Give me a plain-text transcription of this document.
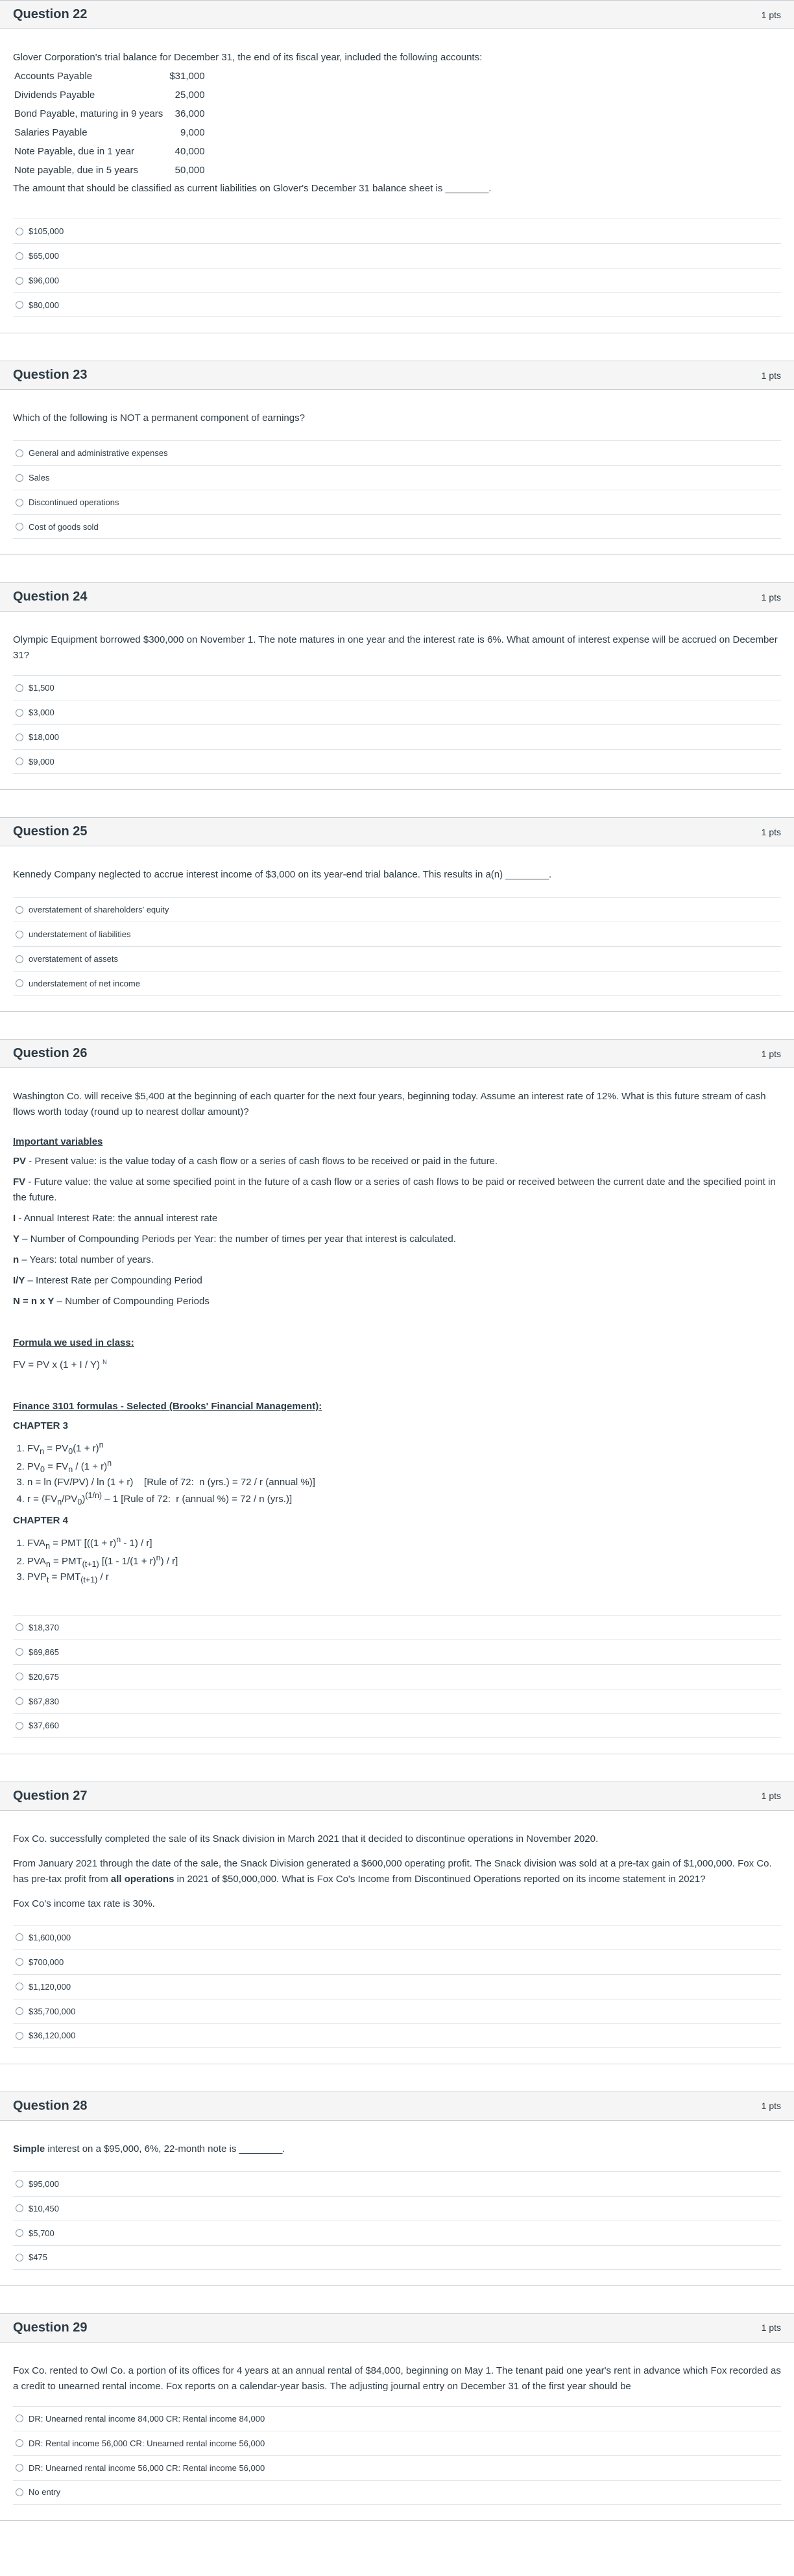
Question 22	1 pts
Glover Corporation's trial balance for December 31, the end of its fiscal year, included the following accounts:
Accounts Payable	$31,000
Dividends Payable	25,000
Bond Payable, maturing in 9 years	36,000
Salaries Payable	9,000
Note Payable, due in 1 year	40,000
Note payable, due in 5 years	50,000
The amount that should be classified as current liabilities on Glover's December 31 balance sheet is ________.
$105,000
$65,000
$96,000
$80,000
Question 23	1 pts
Which of the following is NOT a permanent component of earnings?
General and administrative expenses
Sales
Discontinued operations
Cost of goods sold
Question 24	1 pts
Olympic Equipment borrowed $300,000 on November 1. The note matures in one year and the interest rate is 6%. What amount of interest expense will be accrued on December 31?
$1,500
$3,000
$18,000
$9,000
Question 25	1 pts
Kennedy Company neglected to accrue interest income of $3,000 on its year-end trial balance. This results in a(n) ________.
overstatement of shareholders' equity
understatement of liabilities
overstatement of assets
understatement of net income
Question 26	1 pts

Washington Co. will receive $5,400 at the beginning of each quarter for the next four years, beginning today. Assume an interest rate of 12%. What is this future stream of cash flows worth today (round up to nearest dollar amount)?

Important variables

PV - Present value: is the value today of a cash flow or a series of cash flows to be received or paid in the future.

FV - Future value: the value at some specified point in the future of a cash flow or a series of cash flows to be paid or received between the current date and the specified point in the future.

I - Annual Interest Rate: the annual interest rate

Y – Number of Compounding Periods per Year: the number of times per year that interest is calculated.

n – Years: total number of years.

I/Y – Interest Rate per Compounding Period

N = n x Y – Number of Compounding Periods

Formula we used in class:

FV = PV x (1 + I / Y) $^N$

Finance 3101 formulas - Selected (Brooks' Financial Management):

CHAPTER 3
1. $FV_n = PV_0(1 + r)^n$
2. $PV_0 = FV_n / (1 + r)^n$
3. n = ln (FV/PV) / ln (1 + r)    [Rule of 72:  n (yrs.) = 72 / r (annual %)]
4. $r = (FV_n/PV_0)^{(1/n)} - 1$ [Rule of 72:  r (annual %) = 72 / n (yrs.)]
CHAPTER 4
1. $FVA_n$ = PMT $[((1 + r)^n - 1) / r]$
2. $PVA_n = PMT_{(t+1)}$ $[(1 - 1/(1 + r)^n) / r]$
3. $PVP_t = PMT_{(t+1)} / r$
$18,370
$69,865
$20,675
$67,830
$37,660
Question 27	1 pts

Fox Co. successfully completed the sale of its Snack division in March 2021 that it decided to discontinue operations in November 2020.

From January 2021 through the date of the sale, the Snack Division generated a $600,000 operating profit. The Snack division was sold at a pre-tax gain of $1,000,000. Fox Co. has pre-tax profit from all operations in 2021 of $50,000,000. What is Fox Co's Income from Discontinued Operations reported on its income statement in 2021?

Fox Co's income tax rate is 30%.

$1,600,000
$700,000
$1,120,000
$35,700,000
$36,120,000
Question 28	1 pts
Simple interest on a $95,000, 6%, 22-month note is ________.
$95,000
$10,450
$5,700
$475
Question 29	1 pts
Fox Co. rented to Owl Co. a portion of its offices for 4 years at an annual rental of $84,000, beginning on May 1. The tenant paid one year's rent in advance which Fox recorded as a credit to unearned rental income. Fox reports on a calendar-year basis. The adjusting journal entry on December 31 of the first year should be
DR: Unearned rental income 84,000 CR: Rental income 84,000
DR: Rental income 56,000 CR: Unearned rental income 56,000
DR: Unearned rental income 56,000 CR: Rental income 56,000
No entry
